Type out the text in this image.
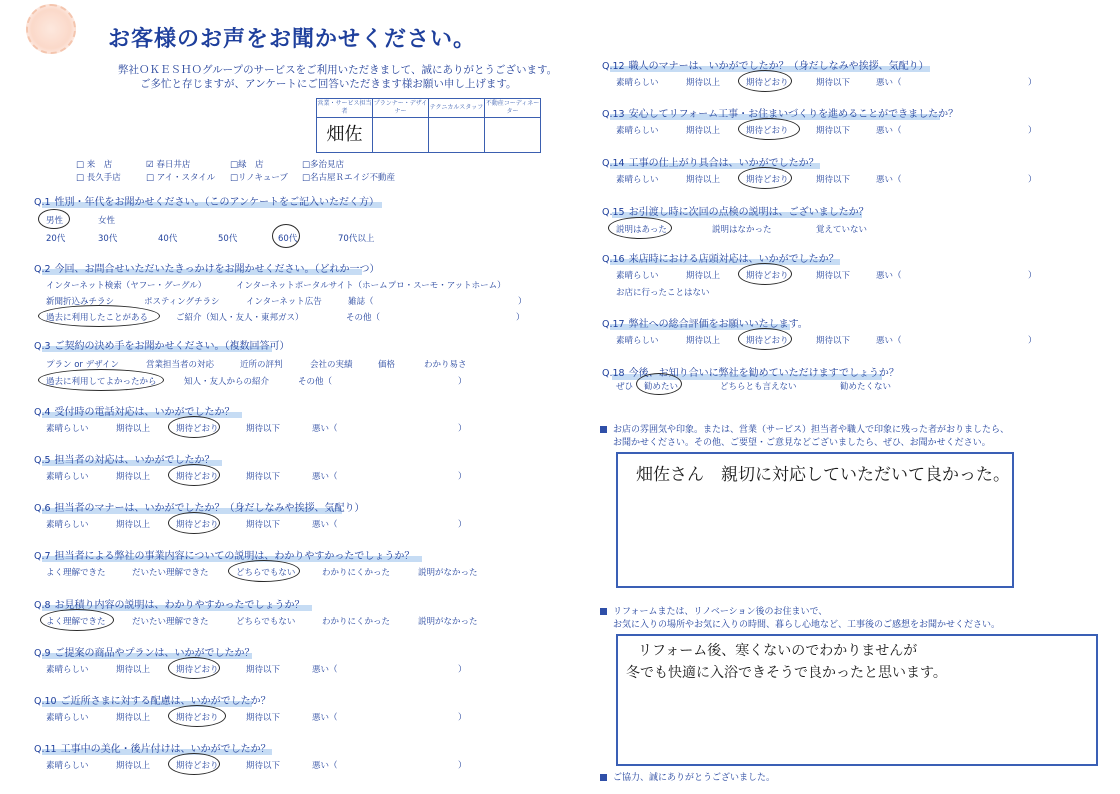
お客様のお声をお聞かせください。
弊社ＯＫＥＳＨＯグループのサービスをご利用いただきまして、誠にありがとうございます。
ご多忙と存じますが、アンケートにご回答いただきます様お願い申し上げます。
営業・サービス担当者	プランナー・デザイナー	テクニカルスタッフ	不動産コーディネーター
畑佐			
□ 来　店	☑ 春日井店	□緑　店	□多治見店
□ 長久手店	□ アイ・スタイル □リノキューブ □名古屋Ｒエイジ不動産
Q.1 性別・年代をお聞かせください。（このアンケートをご記入いただく方）
男性	女性
20代	30代	40代	50代	60代	70代以上
Q.2 今回、お問合せいただいたきっかけをお聞かせください。（どれか一つ）
インターネット検索（ヤフー・グーグル）	インターネットポータルサイト（ホームプロ・スーモ・アットホーム）
新聞折込みチラシ	ポスティングチラシ	インターネット広告	雑誌（	）
過去に利用したことがある	ご紹介（知人・友人・東邦ガス）	その他（	）
Q.3 ご契約の決め手をお聞かせください。（複数回答可）
プラン or デザイン	営業担当者の対応	近所の評判	会社の実績	価格	わかり易さ
過去に利用してよかったから	知人・友人からの紹介	その他（	）
Q.4 受付時の電話対応は、いかがでしたか？
素晴らしい	期待以上	期待どおり	期待以下	悪い（	）
Q.5 担当者の対応は、いかがでしたか？
素晴らしい	期待以上	期待どおり	期待以下	悪い（	）
Q.6 担当者のマナーは、いかがでしたか？（身だしなみや挨拶、気配り）
素晴らしい	期待以上	期待どおり	期待以下	悪い（	）
Q.7 担当者による弊社の事業内容についての説明は、わかりやすかったでしょうか？
よく理解できた	だいたい理解できた	どちらでもない	わかりにくかった	説明がなかった
Q.8 お見積り内容の説明は、わかりやすかったでしょうか？
よく理解できた	だいたい理解できた	どちらでもない	わかりにくかった	説明がなかった
Q.9 ご提案の商品やプランは、いかがでしたか？
素晴らしい	期待以上	期待どおり	期待以下	悪い（	）
Q.10 ご近所さまに対する配慮は、いかがでしたか？
素晴らしい	期待以上	期待どおり	期待以下	悪い（	）
Q.11 工事中の美化・後片付けは、いかがでしたか？
素晴らしい	期待以上	期待どおり	期待以下	悪い（	）
Q.12 職人のマナーは、いかがでしたか？（身だしなみや挨拶、気配り）
素晴らしい	期待以上	期待どおり	期待以下	悪い（	）
Q.13 安心してリフォーム工事・お住まいづくりを進めることができましたか？
素晴らしい	期待以上	期待どおり	期待以下	悪い（	）
Q.14 工事の仕上がり具合は、いかがでしたか？
素晴らしい	期待以上	期待どおり	期待以下	悪い（	）
Q.16 来店時における店頭対応は、いかがでしたか？
素晴らしい	期待以上	期待どおり	期待以下	悪い（	）
Q.17 弊社への総合評価をお願いいたします。
素晴らしい	期待以上	期待どおり	期待以下	悪い（	）
Q.15 お引渡し時に次回の点検の説明は、ございましたか？
説明はあった	説明はなかった	覚えていない
お店に行ったことはない
Q.18 今後、お知り合いに弊社を勧めていただけますでしょうか？
ぜひ 勧めたい	どちらとも言えない	勧めたくない
お店の雰囲気や印象。または、営業（サービス）担当者や職人で印象に残った者がおりましたら、
お聞かせください。その他、ご要望・ご意見などございましたら、ぜひ、お聞かせください。
畑佐さん　親切に対応していただいて良かった。
リフォームまたは、リノベーション後のお住まいで、
お気に入りの場所やお気に入りの時間、暮らし心地など、工事後のご感想をお聞かせください。
リフォーム後、寒くないのでわかりませんが
冬でも快適に入浴できそうで良かったと思います。
ご協力、誠にありがとうございました。
